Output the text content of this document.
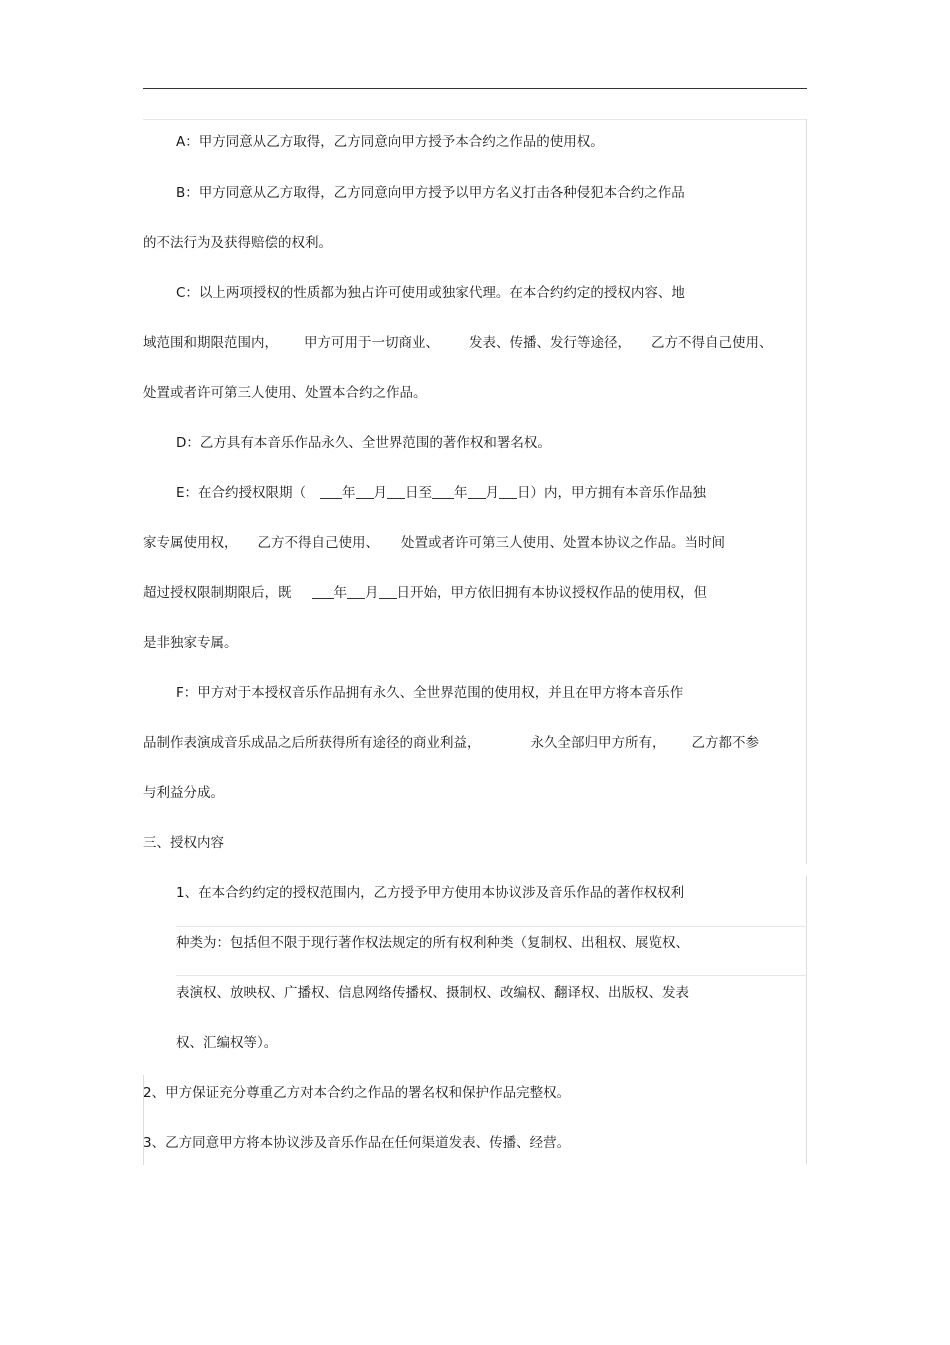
A：甲方同意从乙方取得，乙方同意向甲方授予本合约之作品的使用权。
B：甲方同意从乙方取得，乙方同意向甲方授予以甲方名义打击各种侵犯本合约之作品
的不法行为及获得赔偿的权利。
C：以上两项授权的性质都为独占许可使用或独家代理。在本合约约定的授权内容、地
域范围和期限范围内， 甲方可用于一切商业、 发表、传播、发行等途径， 乙方不得自己使用、
处置或者许可第三人使用、处置本合约之作品。
D：乙方具有本音乐作品永久、全世界范围的著作权和署名权。
E：在合约授权限期（	年 月 日至 年 月 日）内，甲方拥有本音乐作品独
家专属使用权， 乙方不得自己使用、 处置或者许可第三人使用、处置本协议之作品。当时间
超过授权限制期限后，既	年 月 日开始，甲方依旧拥有本协议授权作品的使用权，但
是非独家专属。
F：甲方对于本授权音乐作品拥有永久、全世界范围的使用权，并且在甲方将本音乐作
品制作表演成音乐成品之后所获得所有途径的商业利益，	永久全部归甲方所有， 乙方都不参
与利益分成。
三、授权内容
1、在本合约约定的授权范围内，乙方授予甲方使用本协议涉及音乐作品的著作权权利
种类为：包括但不限于现行著作权法规定的所有权利种类（复制权、出租权、展览权、
表演权、放映权、广播权、信息网络传播权、摄制权、改编权、翻译权、出版权、发表
权、汇编权等）。
2、甲方保证充分尊重乙方对本合约之作品的署名权和保护作品完整权。
3、乙方同意甲方将本协议涉及音乐作品在任何渠道发表、传播、经营。
